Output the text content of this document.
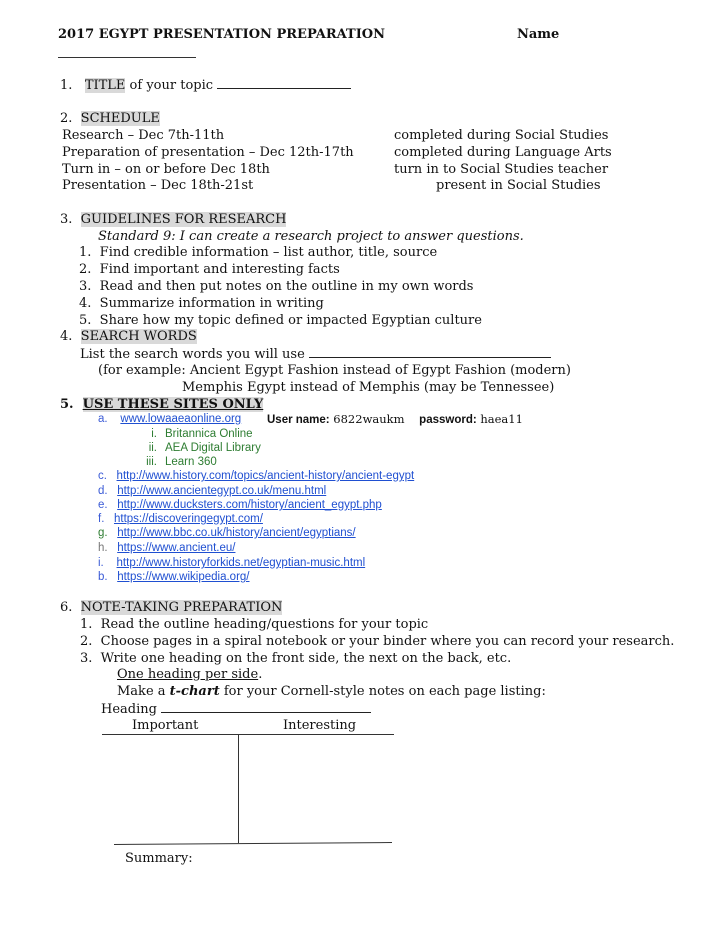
2017 EGYPT PRESENTATION PREPARATION	Name
1. TITLE of your topic
2. SCHEDULE
Research – Dec 7th-11th	completed during Social Studies
Preparation of presentation – Dec 12th-17th	completed during Language Arts
Turn in – on or before Dec 18th	turn in to Social Studies teacher
Presentation – Dec 18th-21st	present in Social Studies
3. GUIDELINES FOR RESEARCH
Standard 9: I can create a research project to answer questions.
1. Find credible information – list author, title, source
2. Find important and interesting facts
3. Read and then put notes on the outline in my own words
4. Summarize information in writing
5. Share how my topic defined or impacted Egyptian culture
4. SEARCH WORDS
List the search words you will use
(for example: Ancient Egypt Fashion instead of Egypt Fashion (modern)
Memphis Egypt instead of Memphis (may be Tennessee)
5. USE THESE SITES ONLY
a. www.lowaaeaonline.org User name: 6822waukm password: haea11
i. Britannica Online
ii. AEA Digital Library
iii. Learn 360
c. http://www.history.com/topics/ancient-history/ancient-egypt
d. http://www.ancientegypt.co.uk/menu.html
e. http://www.ducksters.com/history/ancient_egypt.php
f. https://discoveringegypt.com/
g. http://www.bbc.co.uk/history/ancient/egyptians/
h. https://www.ancient.eu/
i. http://www.historyforkids.net/egyptian-music.html
b. https://www.wikipedia.org/
6. NOTE-TAKING PREPARATION
1. Read the outline heading/questions for your topic
2. Choose pages in a spiral notebook or your binder where you can record your research.
3. Write one heading on the front side, the next on the back, etc.
One heading per side.
Make a t-chart for your Cornell-style notes on each page listing:
Heading
Important	Interesting
Summary:
